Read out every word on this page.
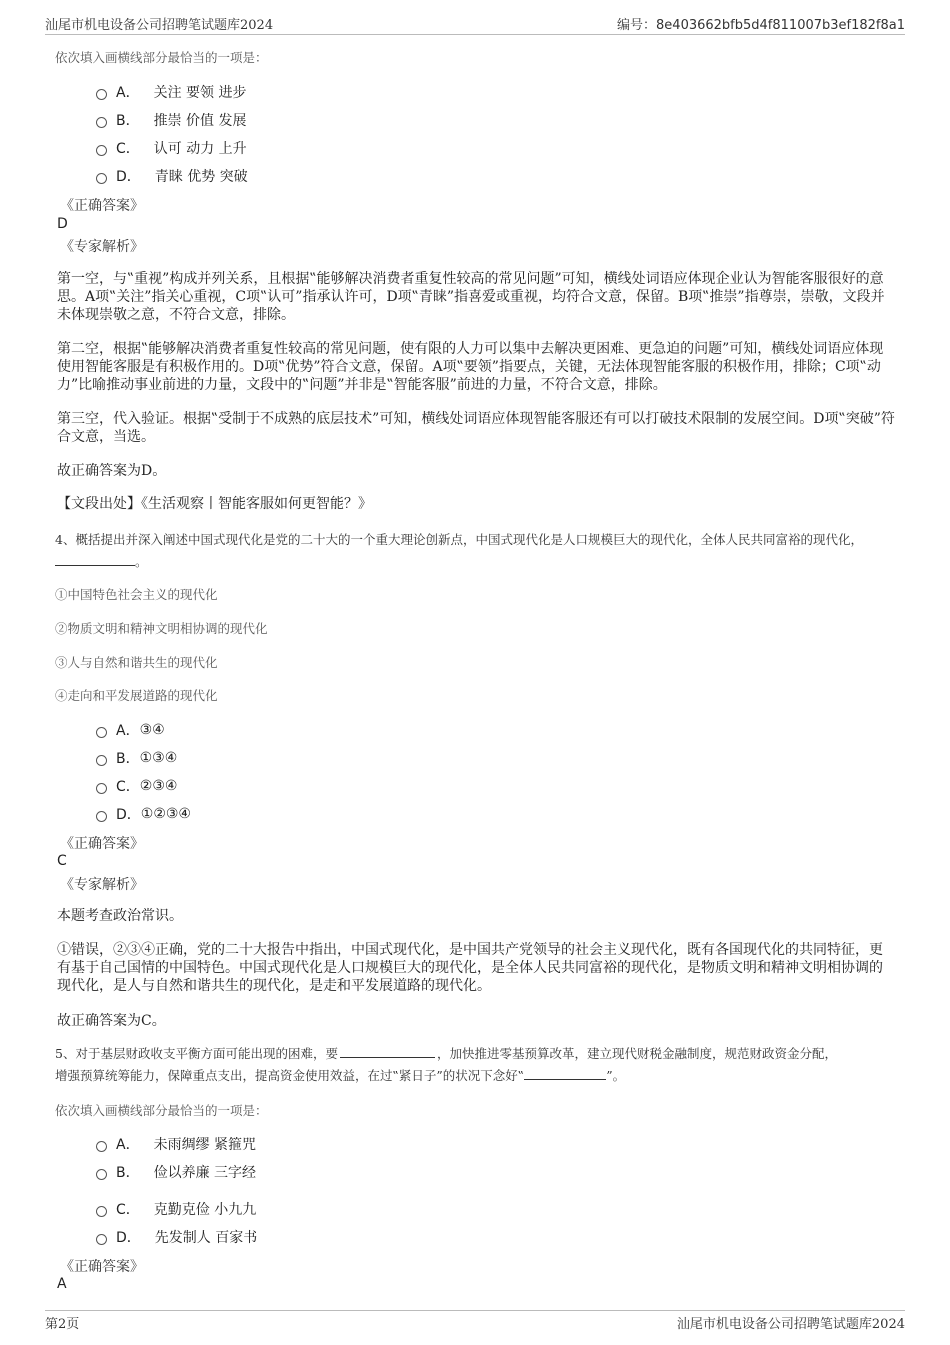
汕尾市机电设备公司招聘笔试题库2024	编号：8e403662bfb5d4f811007b3ef182f8a1
依次填入画横线部分最恰当的一项是：
A． 关注 要领 进步
B． 推崇 价值 发展
C． 认可 动力 上升
D． 青睐 优势 突破
《正确答案》
D
《专家解析》
第一空，与‟重视”构成并列关系，且根据‟能够解决消费者重复性较高的常见问题”可知，横线处词语应体现企业认为智能客服很好的意思。A项‟关注”指关心重视，C项‟认可”指承认许可，D项‟青睐”指喜爱或重视，均符合文意，保留。B项‟推崇”指尊崇，崇敬，文段并未体现崇敬之意，不符合文意，排除。
第二空，根据‟能够解决消费者重复性较高的常见问题，使有限的人力可以集中去解决更困难、更急迫的问题”可知，横线处词语应体现使用智能客服是有积极作用的。D项‟优势”符合文意，保留。A项‟要领”指要点，关键，无法体现智能客服的积极作用，排除；C项‟动力”比喻推动事业前进的力量，文段中的‟问题”并非是‟智能客服”前进的力量，不符合文意，排除。
第三空，代入验证。根据‟受制于不成熟的底层技术”可知，横线处词语应体现智能客服还有可以打破技术限制的发展空间。D项‟突破”符合文意，当选。
故正确答案为D。
【文段出处】《生活观察丨智能客服如何更智能？》
4、概括提出并深入阐述中国式现代化是党的二十大的一个重大理论创新点，中国式现代化是人口规模巨大的现代化，全体人民共同富裕的现代化，。
①中国特色社会主义的现代化
②物质文明和精神文明相协调的现代化
③人与自然和谐共生的现代化
④走向和平发展道路的现代化
A． ③④
B． ①③④
C． ②③④
D． ①②③④
《正确答案》
C
《专家解析》
本题考查政治常识。
①错误，②③④正确，党的二十大报告中指出，中国式现代化，是中国共产党领导的社会主义现代化，既有各国现代化的共同特征，更有基于自己国情的中国特色。中国式现代化是人口规模巨大的现代化，是全体人民共同富裕的现代化，是物质文明和精神文明相协调的现代化，是人与自然和谐共生的现代化，是走和平发展道路的现代化。
故正确答案为C。
5、对于基层财政收支平衡方面可能出现的困难，要	，加快推进零基预算改革，建立现代财税金融制度，规范财政资金分配，
增强预算统筹能力，保障重点支出，提高资金使用效益，在过‟紧日子”的状况下念好‟	”。
依次填入画横线部分最恰当的一项是：
A． 未雨绸缪 紧箍咒
B． 俭以养廉 三字经
C． 克勤克俭 小九九
D． 先发制人 百家书
《正确答案》
A
第2页	汕尾市机电设备公司招聘笔试题库2024
